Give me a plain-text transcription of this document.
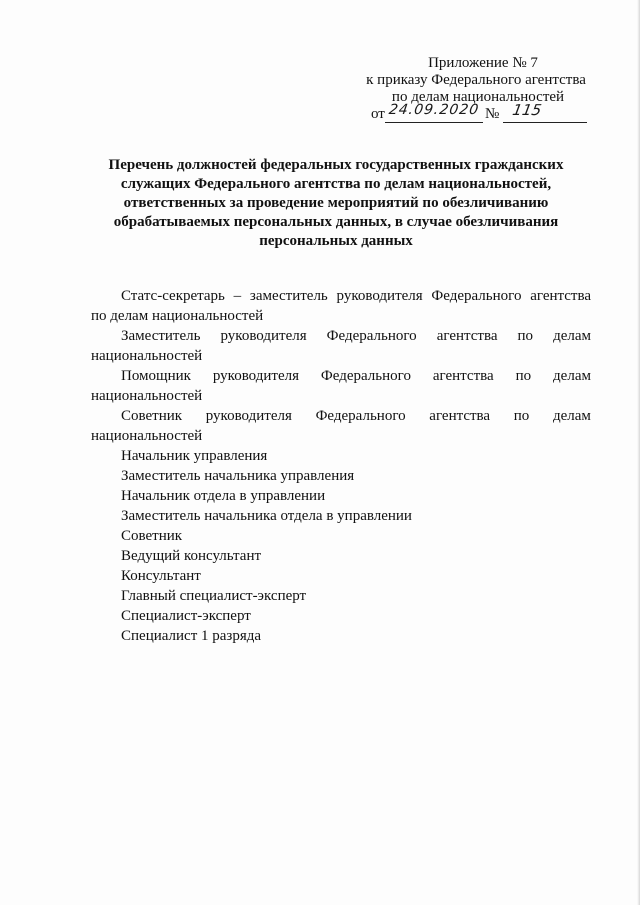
Приложение № 7
к приказу Федерального агентства
по делам национальностей
от 24.09.2020 № 115
Перечень должностей федеральных государственных гражданских
служащих Федерального агентства по делам национальностей,
ответственных за проведение мероприятий по обезличиванию
обрабатываемых персональных данных, в случае обезличивания
персональных данных
Статс-секретарь – заместитель руководителя Федерального агентства
по делам национальностей
Заместитель руководителя Федерального агентства по делам
национальностей
Помощник руководителя Федерального агентства по делам
национальностей
Советник руководителя Федерального агентства по делам
национальностей
Начальник управления
Заместитель начальника управления
Начальник отдела в управлении
Заместитель начальника отдела в управлении
Советник
Ведущий консультант
Консультант
Главный специалист-эксперт
Специалист-эксперт
Специалист 1 разряда
